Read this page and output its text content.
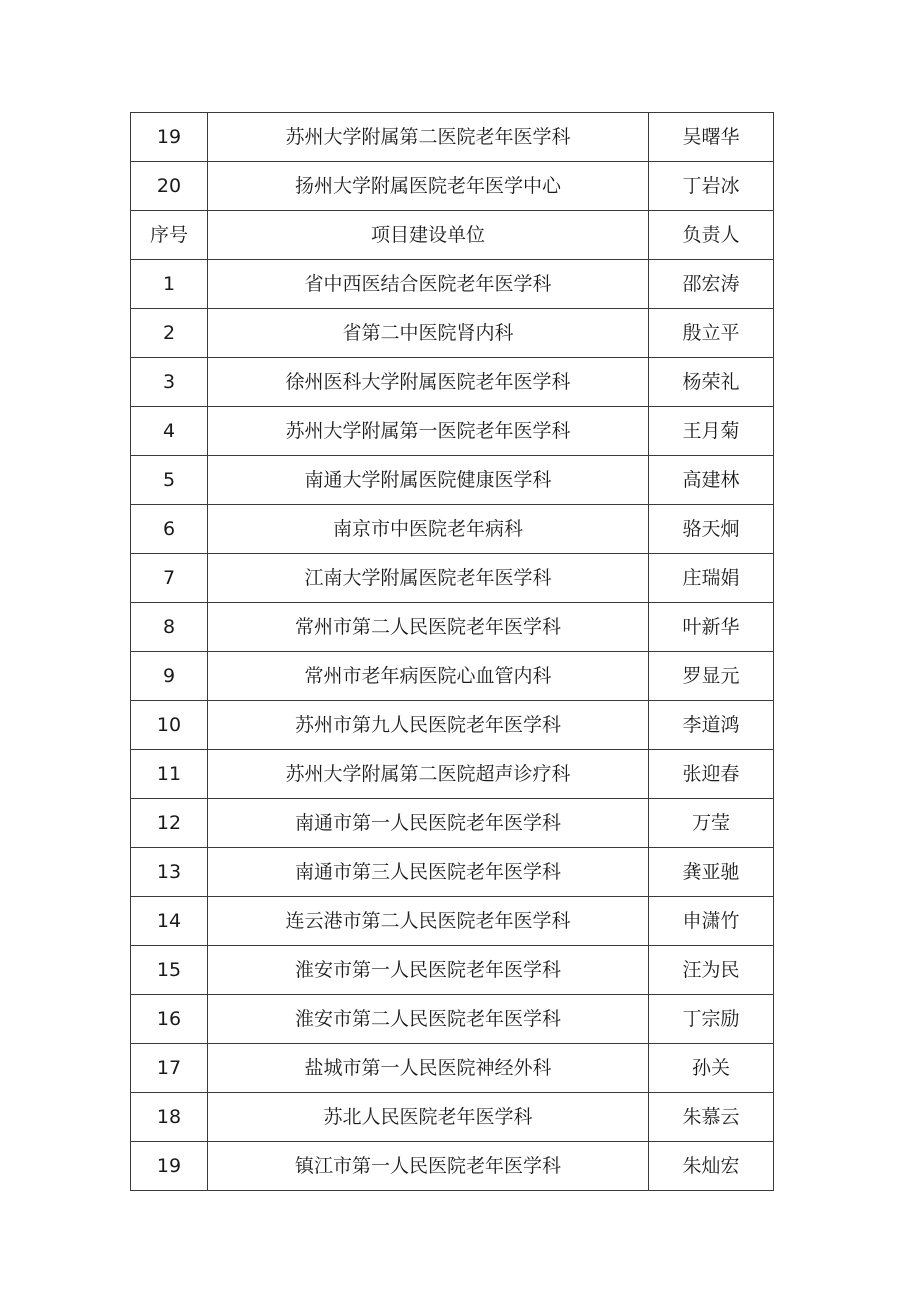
19	苏州大学附属第二医院老年医学科	吴曙华
20	扬州大学附属医院老年医学中心	丁岩冰
序号	项目建设单位	负责人
1	省中西医结合医院老年医学科	邵宏涛
2	省第二中医院肾内科	殷立平
3	徐州医科大学附属医院老年医学科	杨荣礼
4	苏州大学附属第一医院老年医学科	王月菊
5	南通大学附属医院健康医学科	高建林
6	南京市中医院老年病科	骆天炯
7	江南大学附属医院老年医学科	庄瑞娟
8	常州市第二人民医院老年医学科	叶新华
9	常州市老年病医院心血管内科	罗显元
10	苏州市第九人民医院老年医学科	李道鸿
11	苏州大学附属第二医院超声诊疗科	张迎春
12	南通市第一人民医院老年医学科	万莹
13	南通市第三人民医院老年医学科	龚亚驰
14	连云港市第二人民医院老年医学科	申潇竹
15	淮安市第一人民医院老年医学科	汪为民
16	淮安市第二人民医院老年医学科	丁宗励
17	盐城市第一人民医院神经外科	孙关
18	苏北人民医院老年医学科	朱慕云
19	镇江市第一人民医院老年医学科	朱灿宏
